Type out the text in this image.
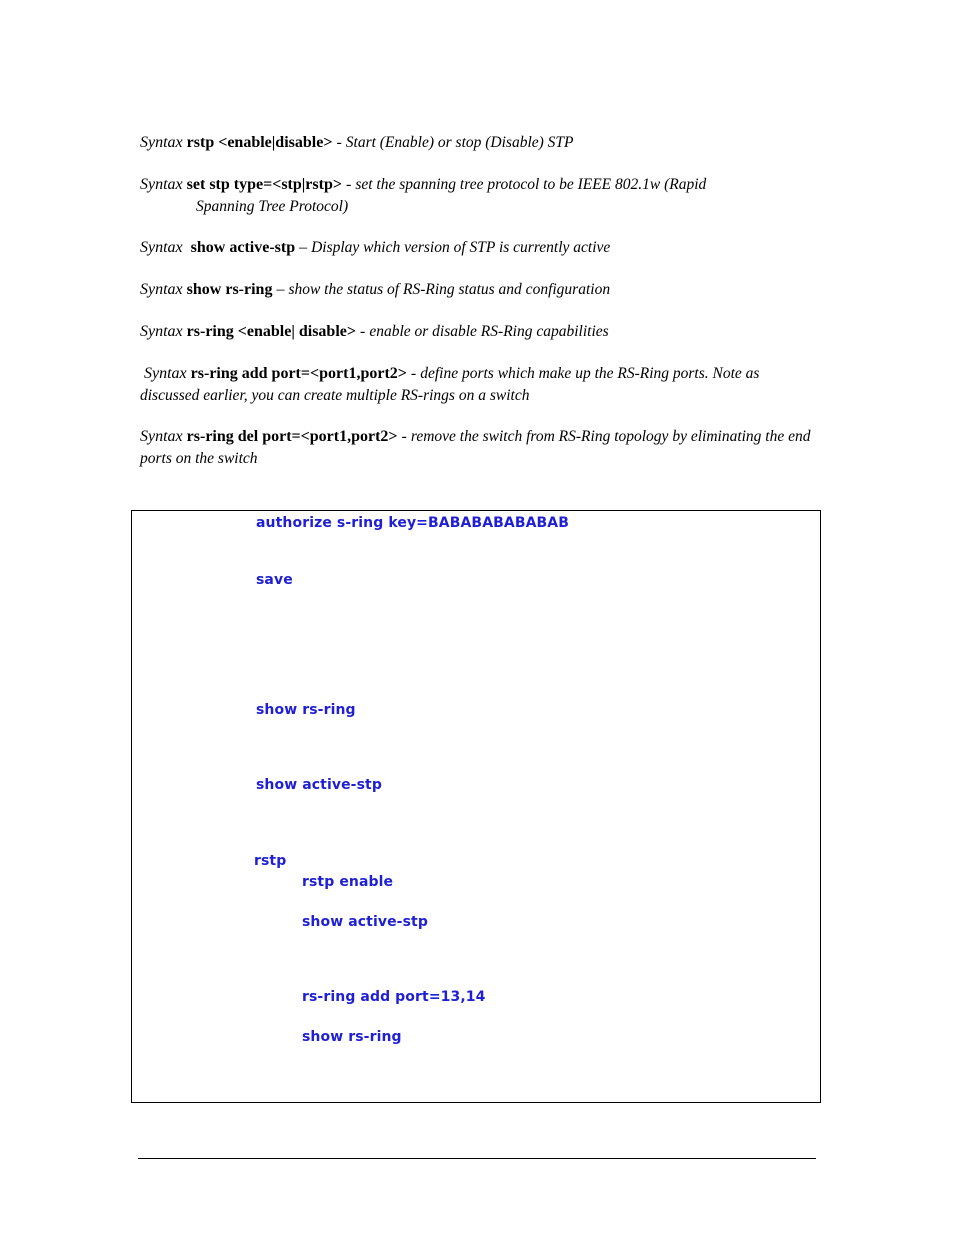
Syntax rstp <enable|disable> - Start (Enable) or stop (Disable) STP
Syntax set stp type=<stp|rstp> - set the spanning tree protocol to be IEEE 802.1w (Rapid
Spanning Tree Protocol)
Syntax show active-stp – Display which version of STP is currently active
Syntax show rs-ring – show the status of RS-Ring status and configuration
Syntax rs-ring <enable| disable> - enable or disable RS-Ring capabilities
Syntax rs-ring add port=<port1,port2> - define ports which make up the RS-Ring ports. Note as discussed earlier, you can create multiple RS-rings on a switch
Syntax rs-ring del port=<port1,port2> - remove the switch from RS-Ring topology by eliminating the end ports on the switch
authorize s-ring key=BABABABABABAB
save
show rs-ring
show active-stp
rstp
rstp enable
show active-stp
rs-ring add port=13,14
show rs-ring
